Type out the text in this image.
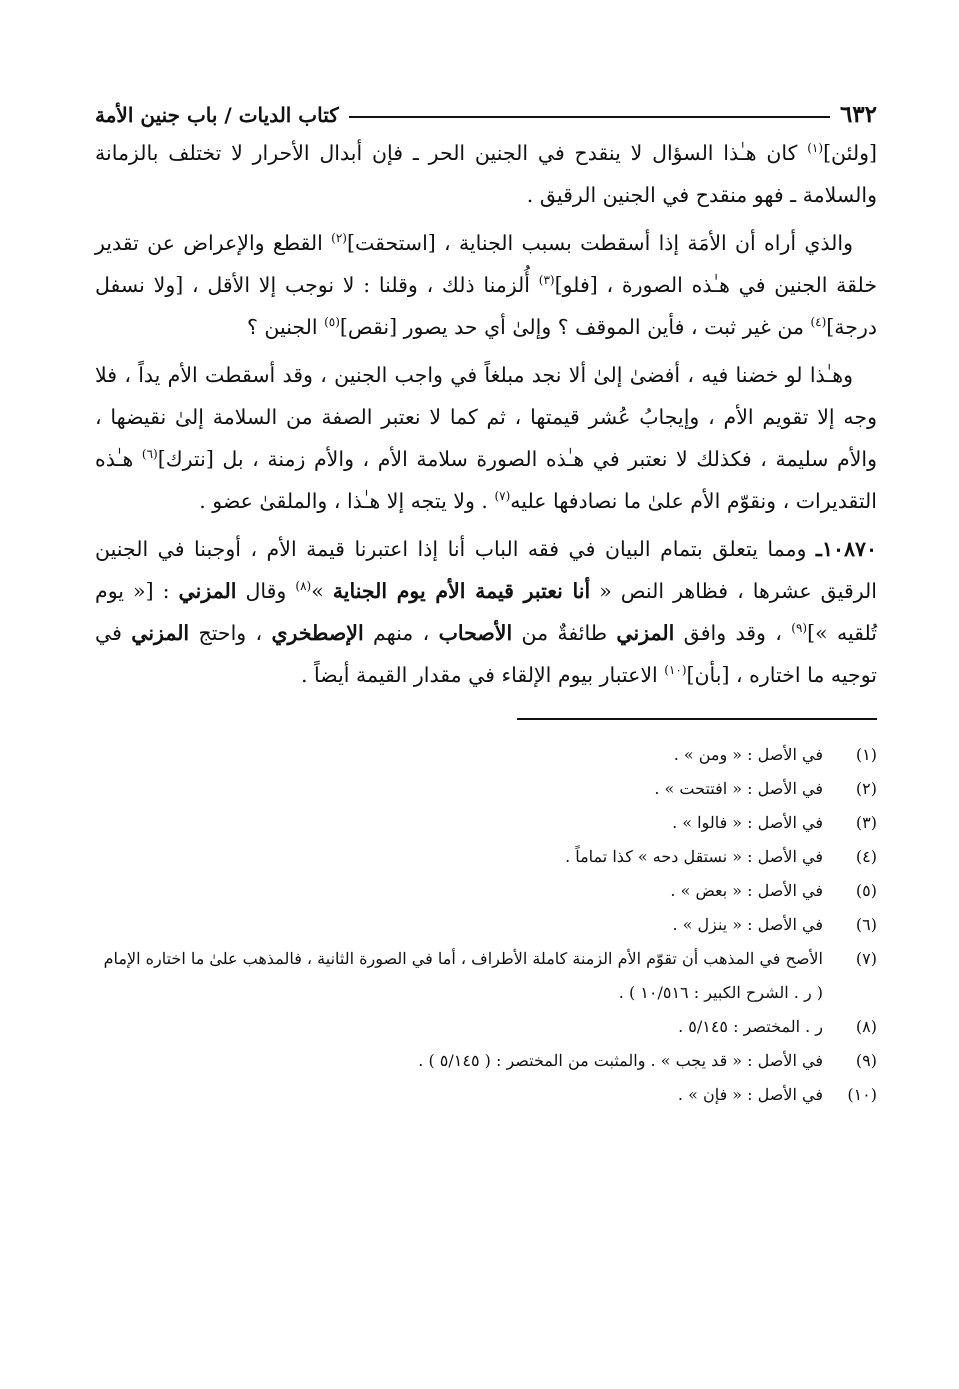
٦٣٢
كتاب الديات / باب جنين الأمة

[ولئن]$^{(١)}$ كان هـٰذا السؤال لا ينقدح في الجنين الحر ـ فإن أبدال الأحرار لا تختلف بالزمانة والسلامة ـ فهو منقدح في الجنين الرقيق .

والذي أراه أن الأمَة إذا أسقطت بسبب الجناية ، [استحقت]$^{(٢)}$ القطع والإعراض عن تقدير خلقة الجنين في هـٰذه الصورة ، [فلو]$^{(٣)}$ أُلزمنا ذلك ، وقلنا : لا نوجب إلا الأقل ، [ولا نسفل درجة]$^{(٤)}$ من غير ثبت ، فأين الموقف ؟ وإلىٰ أي حد يصور [نقص]$^{(٥)}$ الجنين ؟

وهـٰذا لو خضنا فيه ، أفضىٰ إلىٰ ألا نجد مبلغاً في واجب الجنين ، وقد أسقطت الأم يداً ، فلا وجه إلا تقويم الأم ، وإيجابُ عُشر قيمتها ، ثم كما لا نعتبر الصفة من السلامة إلىٰ نقيضها ، والأم سليمة ، فكذلك لا نعتبر في هـٰذه الصورة سلامة الأم ، والأم زمنة ، بل [نترك]$^{(٦)}$ هـٰذه التقديرات ، ونقوّم الأم علىٰ ما نصادفها عليه$^{(٧)}$ . ولا يتجه إلا هـٰذا ، والملقىٰ عضو .

١٠٨٧٠ـ ومما يتعلق بتمام البيان في فقه الباب أنا إذا اعتبرنا قيمة الأم ، أوجبنا في الجنين الرقيق عشرها ، فظاهر النص « أنا نعتبر قيمة الأم يوم الجناية »$^{(٨)}$ وقال المزني : [« يوم تُلقيه »]$^{(٩)}$ ، وقد وافق المزني طائفةٌ من الأصحاب ، منهم الإصطخري ، واحتج المزني في توجيه ما اختاره ، [بأن]$^{(١٠)}$ الاعتبار بيوم الإلقاء في مقدار القيمة أيضاً .

(١)
في الأصل : « ومن » .
(٢)
في الأصل : « افتتحت » .
(٣)
في الأصل : « فالوا » .
(٤)
في الأصل : « نستقل دحه » كذا تماماً .
(٥)
في الأصل : « بعض » .
(٦)
في الأصل : « ينزل » .
(٧)
الأصح في المذهب أن تقوّم الأم الزمنة كاملة الأطراف ، أما في الصورة الثانية ، فالمذهب علىٰ ما اختاره الإمام ( ر . الشرح الكبير : ١٠/٥١٦ ) .
(٨)
ر . المختصر : ٥/١٤٥ .
(٩)
في الأصل : « قد يجب » . والمثبت من المختصر : ( ٥/١٤٥ ) .
(١٠)
في الأصل : « فإن » .
